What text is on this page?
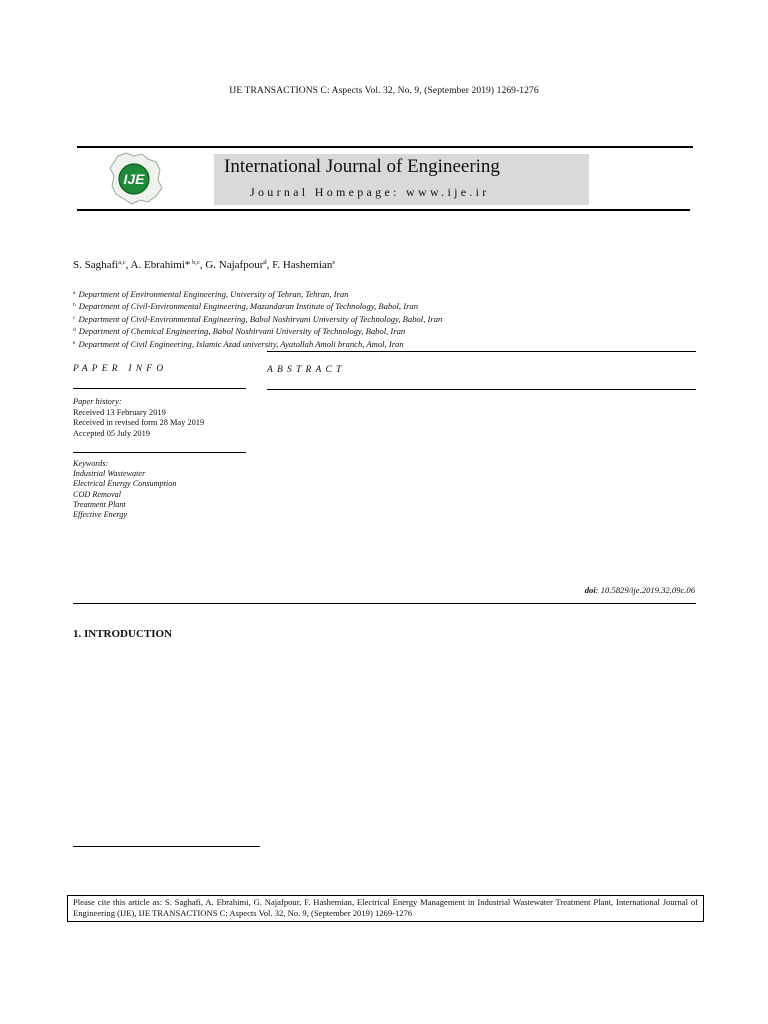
IJE TRANSACTIONS C: Aspects Vol. 32, No. 9, (September 2019) 1269-1276
IJE
International Journal of Engineering
Journal Homepage: www.ije.ir
S. Saghafi$^{a,c}$, A. Ebrahimi* $^{b,c}$, G. Najafpour$^d$, F. Hashemian$^e$
$^a$ Department of Environmental Engineering, University of Tehran, Tehran, Iran
$^b$ Department of Civil-Environmental Engineering, Mazandaran Institute of Technology, Babol, Iran
$^c$ Department of Civil-Environmental Engineering, Babol Noshirvani University of Technology, Babol, Iran
$^d$ Department of Chemical Engineering, Babol Noshirvani University of Technology, Babol, Iran
$^e$ Department of Civil Engineering, Islamic Azad university, Ayatollah Amoli branch, Amol, Iran
PAPER INFO
Paper history:
Received 13 February 2019
Received in revised form 28 May 2019
Accepted 05 July 2019
Keywords:
Industrial Wastewater
Electrical Energy Consumption
COD Removal
Treatment Plant
Effective Energy
ABSTRACT
doi: 10.5829/ije.2019.32.09c.06
1. INTRODUCTION
Please cite this article as: S. Saghafi, A. Ebrahimi, G. Najafpour, F. Hashemian, Electrical Energy Management in Industrial Wastewater Treatment Plant, International Journal of Engineering (IJE), IJE TRANSACTIONS C: Aspects Vol. 32, No. 9, (September 2019) 1269-1276
